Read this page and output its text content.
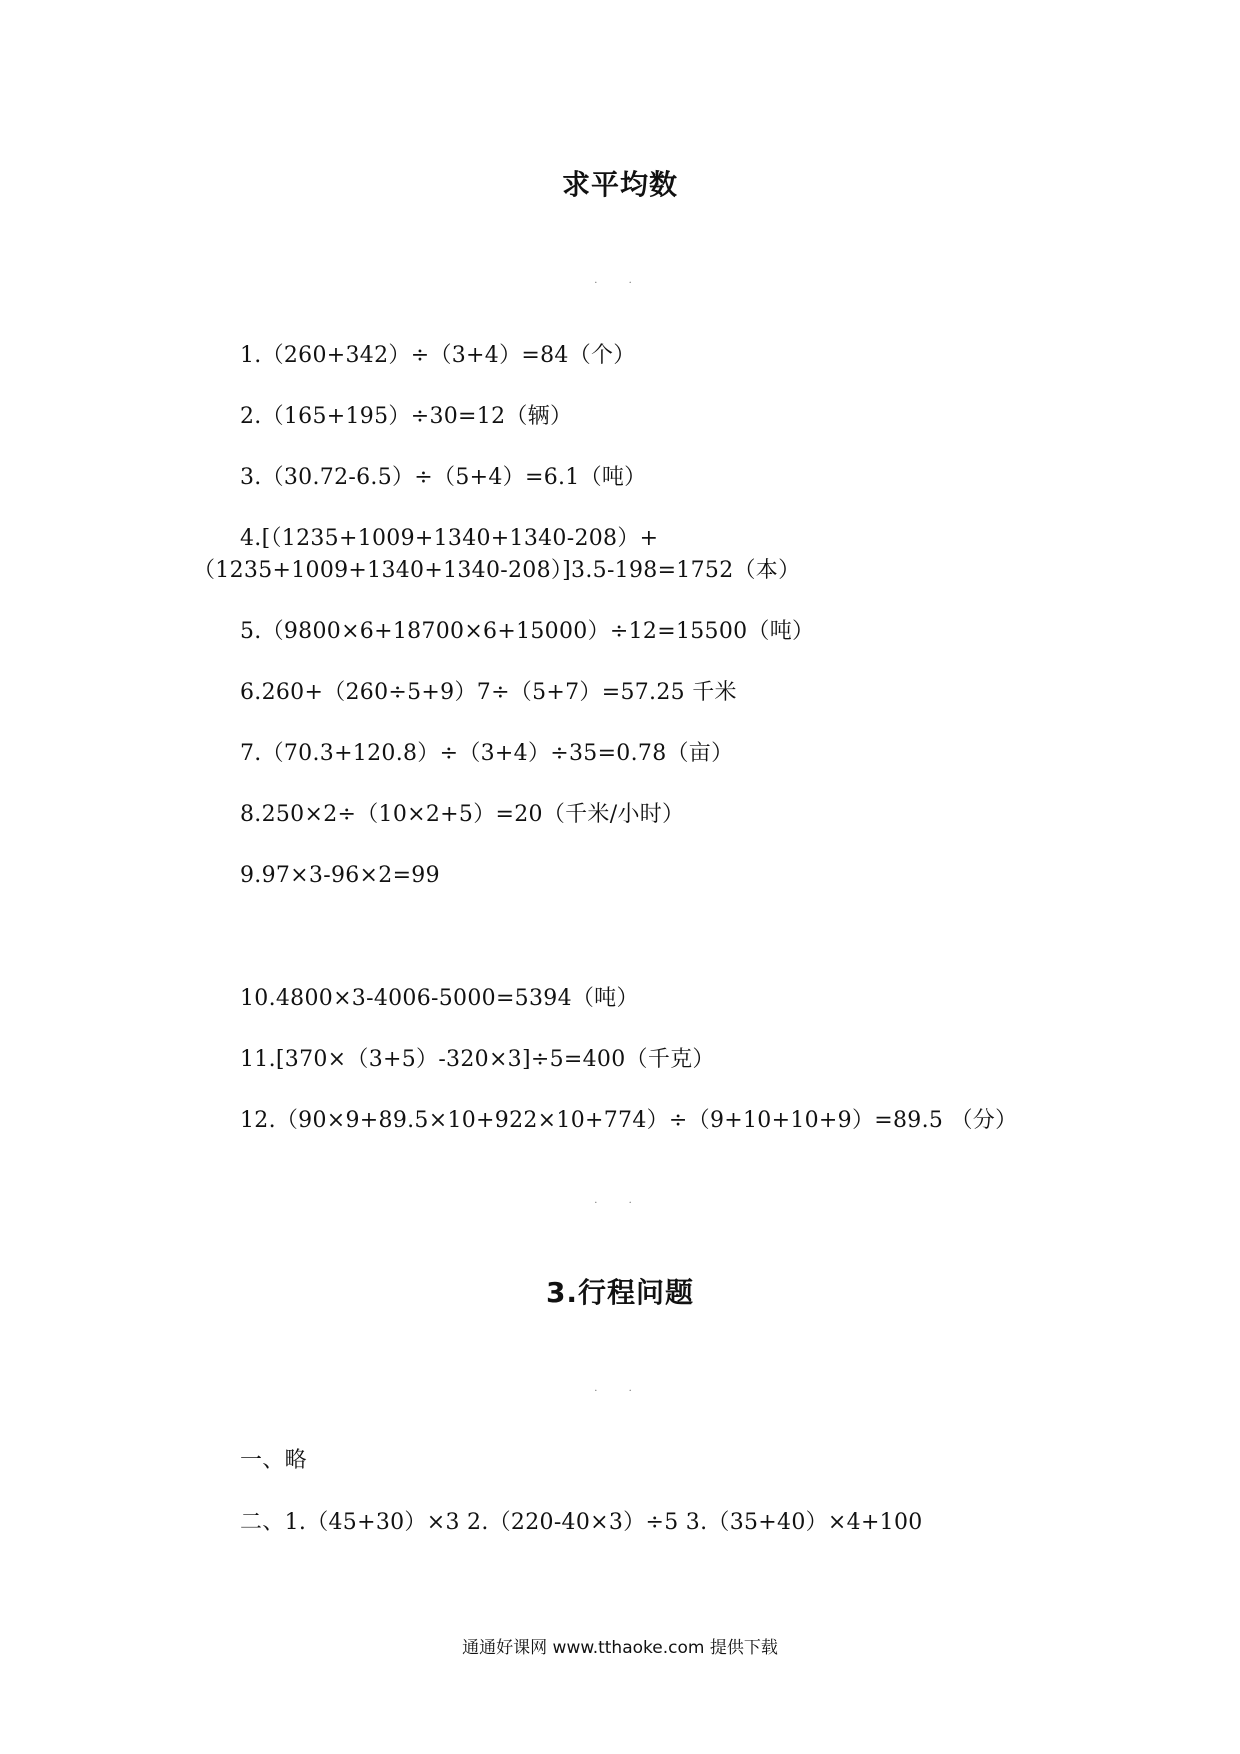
求平均数
· ·
1.（260+342）÷（3+4）=84（个）
2.（165+195）÷30=12（辆）
3.（30.72-6.5）÷（5+4）=6.1（吨）
4.[（1235+1009+1340+1340-208）+
（1235+1009+1340+1340-208）]3.5-198=1752（本）
5.（9800×6+18700×6+15000）÷12=15500（吨）
6.260+（260÷5+9）7÷（5+7）=57.25 千米
7.（70.3+120.8）÷（3+4）÷35=0.78（亩）
8.250×2÷（10×2+5）=20（千米/小时）
9.97×3-96×2=99
10.4800×3-4006-5000=5394（吨）
11.[370×（3+5）-320×3]÷5=400（千克）
12.（90×9+89.5×10+922×10+774）÷（9+10+10+9）=89.5 （分）
· ·
3.行程问题
· ·
一、略
二、1.（45+30）×3 2.（220-40×3）÷5 3.（35+40）×4+100
通通好课网 www.tthaoke.com 提供下载
